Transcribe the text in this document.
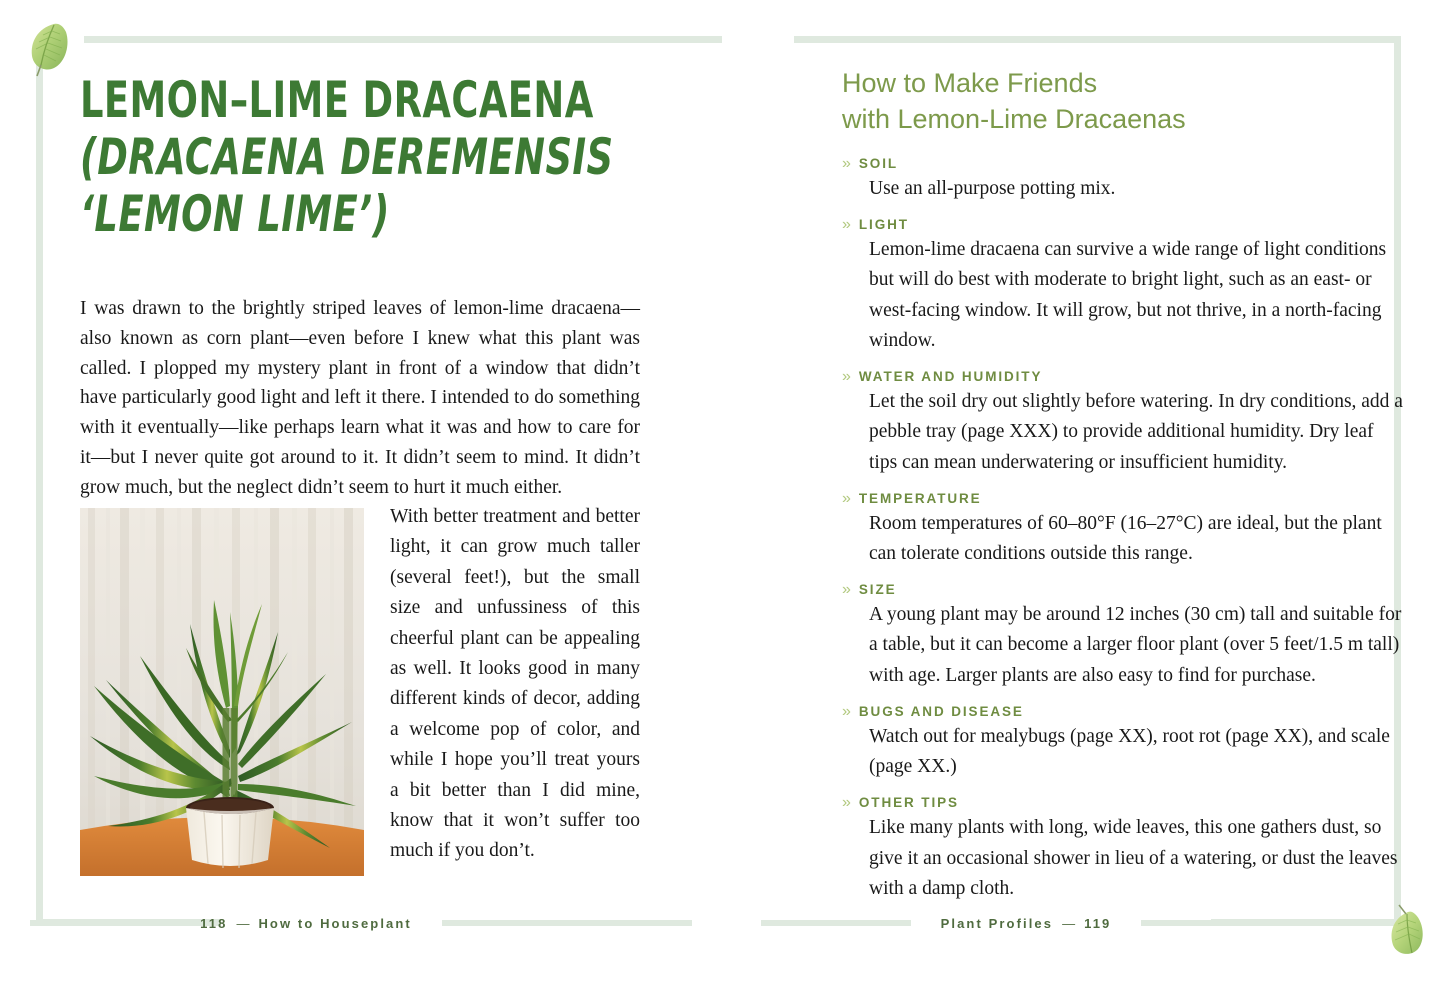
LEMON–LIME DRACAENA
(DRACAENA DEREMENSIS
‘LEMON LIME’)

I was drawn to the brightly striped leaves of lemon-lime dracaena—also known as corn plant—even before I knew what this plant was called. I plopped my mystery plant in front of a window that didn’t have particularly good light and left it there. I intended to do something with it eventually—like perhaps learn what it was and how to care for it—but I never quite got around to it. It didn’t seem to mind. It didn’t grow much, but the neglect didn’t seem to hurt it much either.

With better treatment and better light, it can grow much taller (several feet!), but the small size and unfussiness of this cheerful plant can be appealing as well. It looks good in many different kinds of decor, adding a welcome pop of color, and while I hope you’ll treat yours a bit better than I did mine, know that it won’t suffer too much if you don’t.

118 — How to Houseplant
How to Make Friends
with Lemon-Lime Dracaenas
» SOIL
Use an all-purpose potting mix.
» LIGHT
Lemon-lime dracaena can survive a wide range of light conditions but will do best with moderate to bright light, such as an east- or west-facing window. It will grow, but not thrive, in a north-facing window.
» WATER AND HUMIDITY
Let the soil dry out slightly before watering. In dry conditions, add a pebble tray (page XXX) to provide additional humidity. Dry leaf tips can mean underwatering or insufficient humidity.
» TEMPERATURE
Room temperatures of 60–80°F (16–27°C) are ideal, but the plant can tolerate conditions outside this range.
» SIZE
A young plant may be around 12 inches (30 cm) tall and suitable for a table, but it can become a larger floor plant (over 5 feet/1.5 m tall) with age. Larger plants are also easy to find for purchase.
» BUGS AND DISEASE
Watch out for mealybugs (page XX), root rot (page XX), and scale (page XX.)
» OTHER TIPS
Like many plants with long, wide leaves, this one gathers dust, so give it an occasional shower in lieu of a watering, or dust the leaves with a damp cloth.
Plant Profiles — 119
